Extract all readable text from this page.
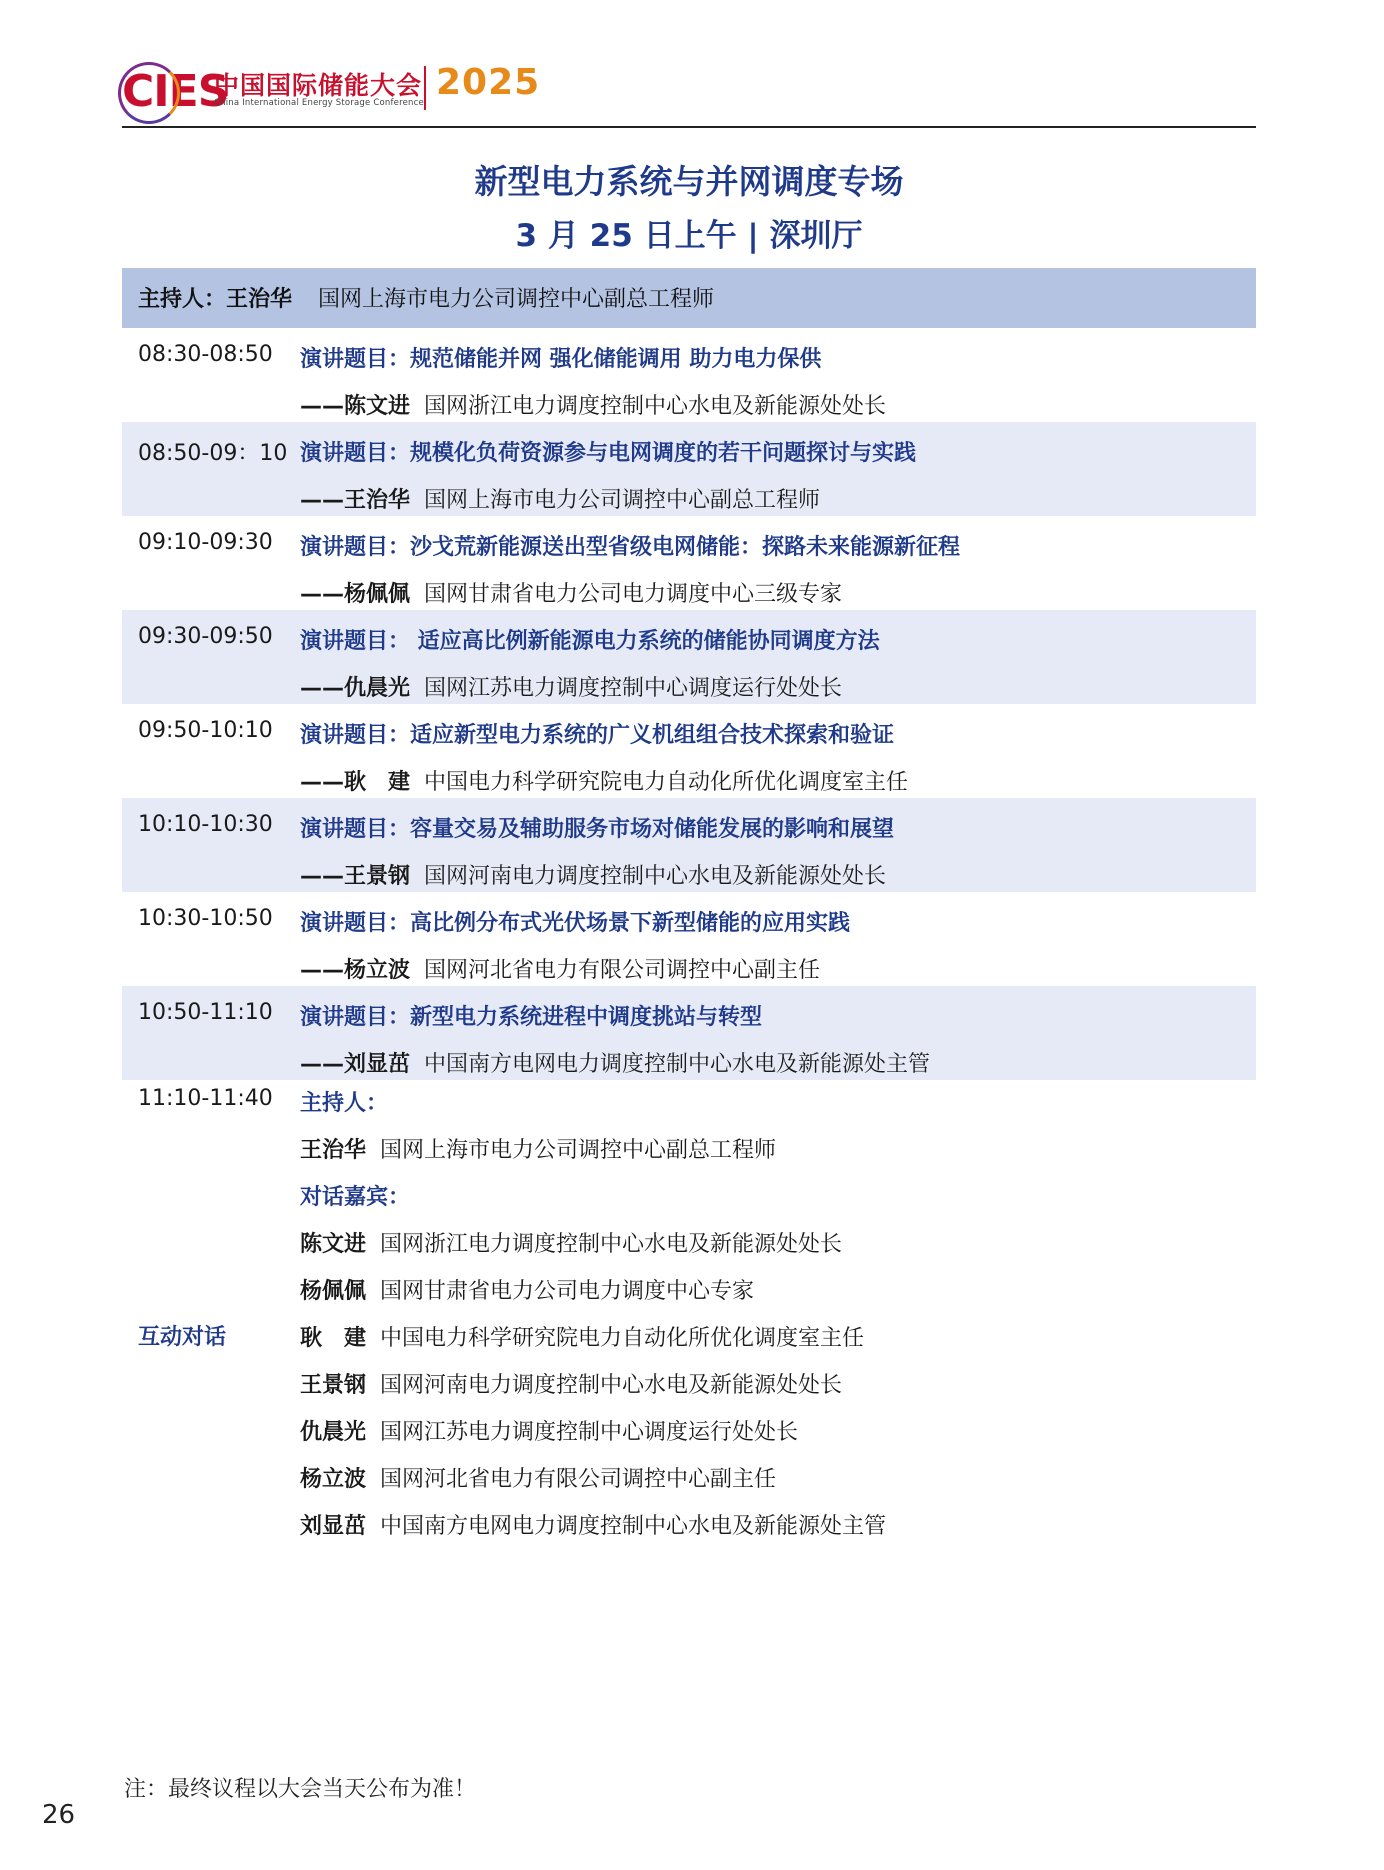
CIES
中国国际储能大会
China International Energy Storage Conference 2025
新型电力系统与并网调度专场
3 月 25 日上午 | 深圳厅
主持人：王治华 国网上海市电力公司调控中心副总工程师
08:30-08:50 演讲题目：规范储能并网 强化储能调用 助力电力保供
——陈文进 国网浙江电力调度控制中心水电及新能源处处长
08:50-09：10 演讲题目：规模化负荷资源参与电网调度的若干问题探讨与实践
——王治华 国网上海市电力公司调控中心副总工程师
09:10-09:30 演讲题目：沙戈荒新能源送出型省级电网储能：探路未来能源新征程
——杨佩佩 国网甘肃省电力公司电力调度中心三级专家
09:30-09:50 演讲题目： 适应高比例新能源电力系统的储能协同调度方法
——仇晨光 国网江苏电力调度控制中心调度运行处处长
09:50-10:10 演讲题目：适应新型电力系统的广义机组组合技术探索和验证
——耿　建 中国电力科学研究院电力自动化所优化调度室主任
10:10-10:30 演讲题目：容量交易及辅助服务市场对储能发展的影响和展望
——王景钢 国网河南电力调度控制中心水电及新能源处处长
10:30-10:50 演讲题目：高比例分布式光伏场景下新型储能的应用实践
——杨立波 国网河北省电力有限公司调控中心副主任
10:50-11:10 演讲题目：新型电力系统进程中调度挑站与转型
——刘显茁 中国南方电网电力调度控制中心水电及新能源处主管
11:10-11:40
互动对话
主持人：
王治华 国网上海市电力公司调控中心副总工程师
对话嘉宾：
陈文进 国网浙江电力调度控制中心水电及新能源处处长
杨佩佩 国网甘肃省电力公司电力调度中心专家
耿　建 中国电力科学研究院电力自动化所优化调度室主任
王景钢 国网河南电力调度控制中心水电及新能源处处长
仇晨光 国网江苏电力调度控制中心调度运行处处长
杨立波 国网河北省电力有限公司调控中心副主任
刘显茁 中国南方电网电力调度控制中心水电及新能源处主管
注：最终议程以大会当天公布为准！
26
